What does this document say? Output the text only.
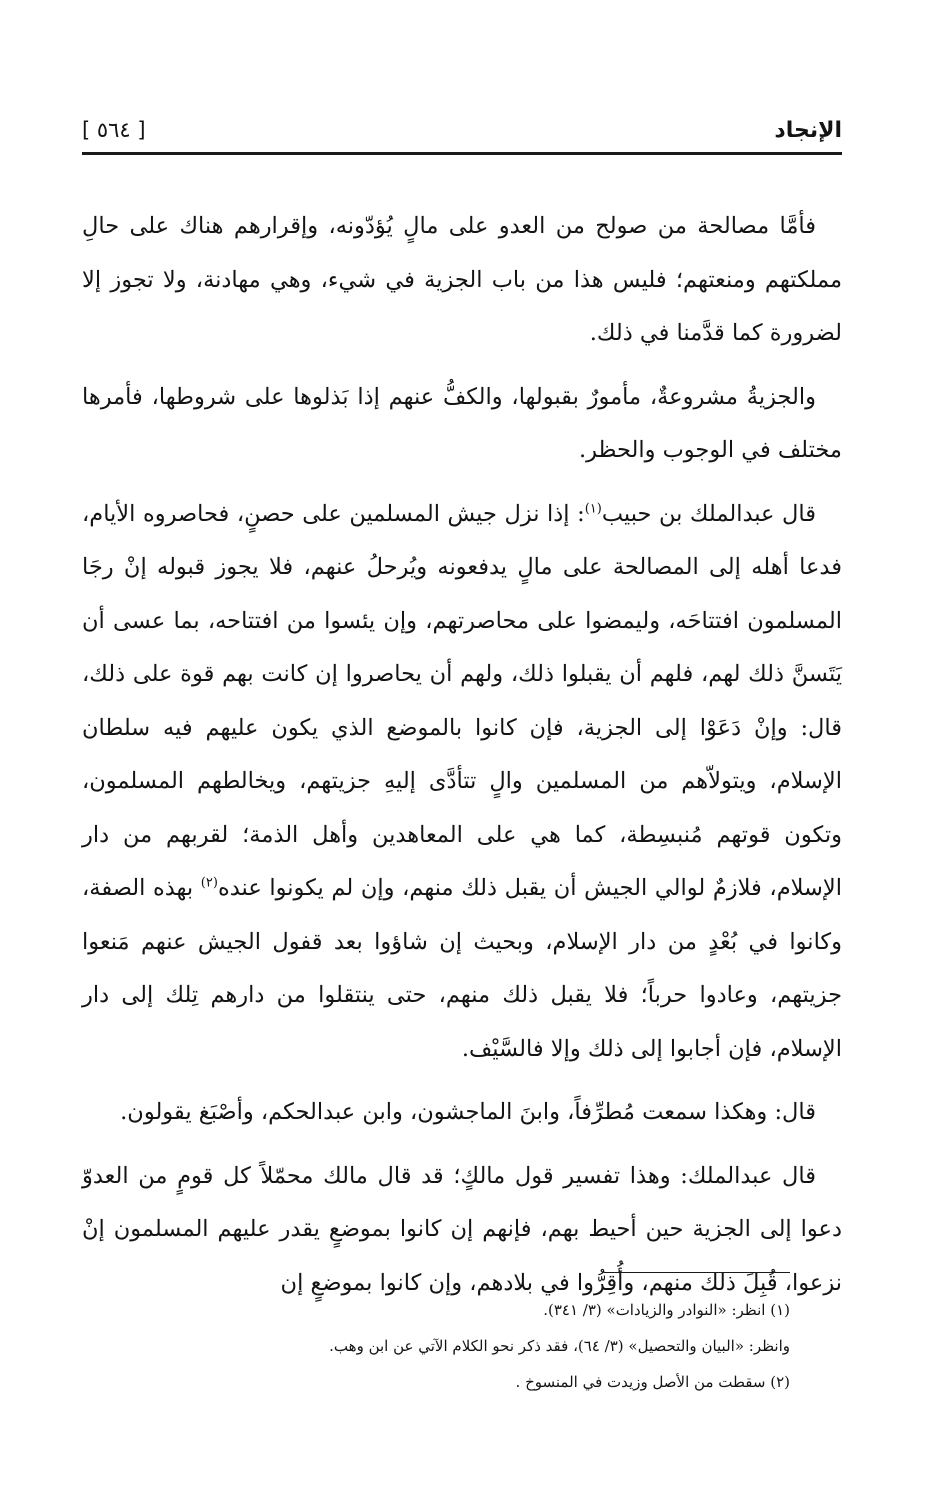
الإنجاد
[ ٥٦٤ ]

فأمَّا مصالحة من صولح من العدو على مالٍ يُؤدّونه، وإقرارهم هناك على حالِ مملكتهم ومنعتهم؛ فليس هذا من باب الجزية في شيء، وهي مهادنة، ولا تجوز إلا لضرورة كما قدَّمنا في ذلك.

والجزيةُ مشروعةٌ، مأمورٌ بقبولها، والكفُّ عنهم إذا بَذلوها على شروطها، فأمرها مختلف في الوجوب والحظر.

قال عبدالملك بن حبيب$^{(١)}$: إذا نزل جيش المسلمين على حصنٍ، فحاصروه الأيام، فدعا أهله إلى المصالحة على مالٍ يدفعونه ويُرحلُ عنهم، فلا يجوز قبوله إنْ رجَا المسلمون افتتاحَه، وليمضوا على محاصرتهم، وإن يئسوا من افتتاحه، بما عسى أن يَتَسنَّ ذلك لهم، فلهم أن يقبلوا ذلك، ولهم أن يحاصروا إن كانت بهم قوة على ذلك، قال: وإنْ دَعَوْا إلى الجزية، فإن كانوا بالموضع الذي يكون عليهم فيه سلطان الإسلام، ويتولاّهم من المسلمين والٍ تتأدَّى إليهِ جزيتهم، ويخالطهم المسلمون، وتكون قوتهم مُنبسِطة، كما هي على المعاهدين وأهل الذمة؛ لقربهم من دار الإسلام، فلازمٌ لوالي الجيش أن يقبل ذلك منهم، وإن لم يكونوا عنده$^{(٢)}$ بهذه الصفة، وكانوا في بُعْدٍ من دار الإسلام، وبحيث إن شاؤوا بعد قفول الجيش عنهم مَنعوا جزيتهم، وعادوا حرباً؛ فلا يقبل ذلك منهم، حتى ينتقلوا من دارهم تِلك إلى دار الإسلام، فإن أجابوا إلى ذلك وإلا فالسَّيْف.

قال: وهكذا سمعت مُطرِّفاً، وابنَ الماجشون، وابن عبدالحكم، وأصْبَغ يقولون.

قال عبدالملك: وهذا تفسير قول مالكٍ؛ قد قال مالك محمّلاً كل قومٍ من العدوّ دعوا إلى الجزية حين أحيط بهم، فإنهم إن كانوا بموضعٍ يقدر عليهم المسلمون إنْ نزعوا، قُبِلَ ذلك منهم، وأُقِرُّوا في بلادهم، وإن كانوا بموضعٍ إن

(١) انظر: «النوادر والزيادات» (٣/ ٣٤١).

وانظر: «البيان والتحصيل» (٣/ ٦٤)، فقد ذكر نحو الكلام الآتي عن ابن وهب.

(٢) سقطت من الأصل وزيدت في المنسوخ .
